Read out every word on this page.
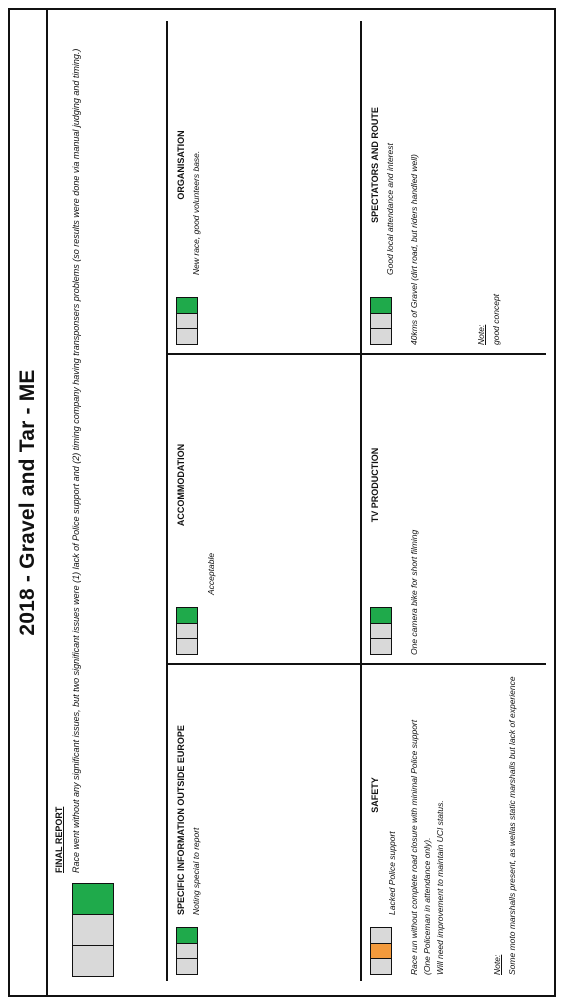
2018 - Gravel and Tar - ME
FINAL REPORT Race went without any significant issues, but two significant issues were (1) lack of Police support and (2) timing company having transponsers problems (so results were done via manual judging and timing.)	SPECIFIC INFORMATION OUTSIDE EUROPE Noting special to report
ACCOMMODATION
Acceptable
ORGANISATION New race, good volunteers base.
SAFETY
Lacked Police support Race run without complete road closure with minimal Police support (One Policeman in attendance only). Will need improvement to maintain UCI status.	Note: Some moto marshalls present, as wellas static marshalls but lack of experience
TV PRODUCTION
One camera bike for short filming
SPECTATORS AND ROUTE Good local attendance and interest 40kms of Gravel (dirt road, but riders handled well)	Note: good concept
